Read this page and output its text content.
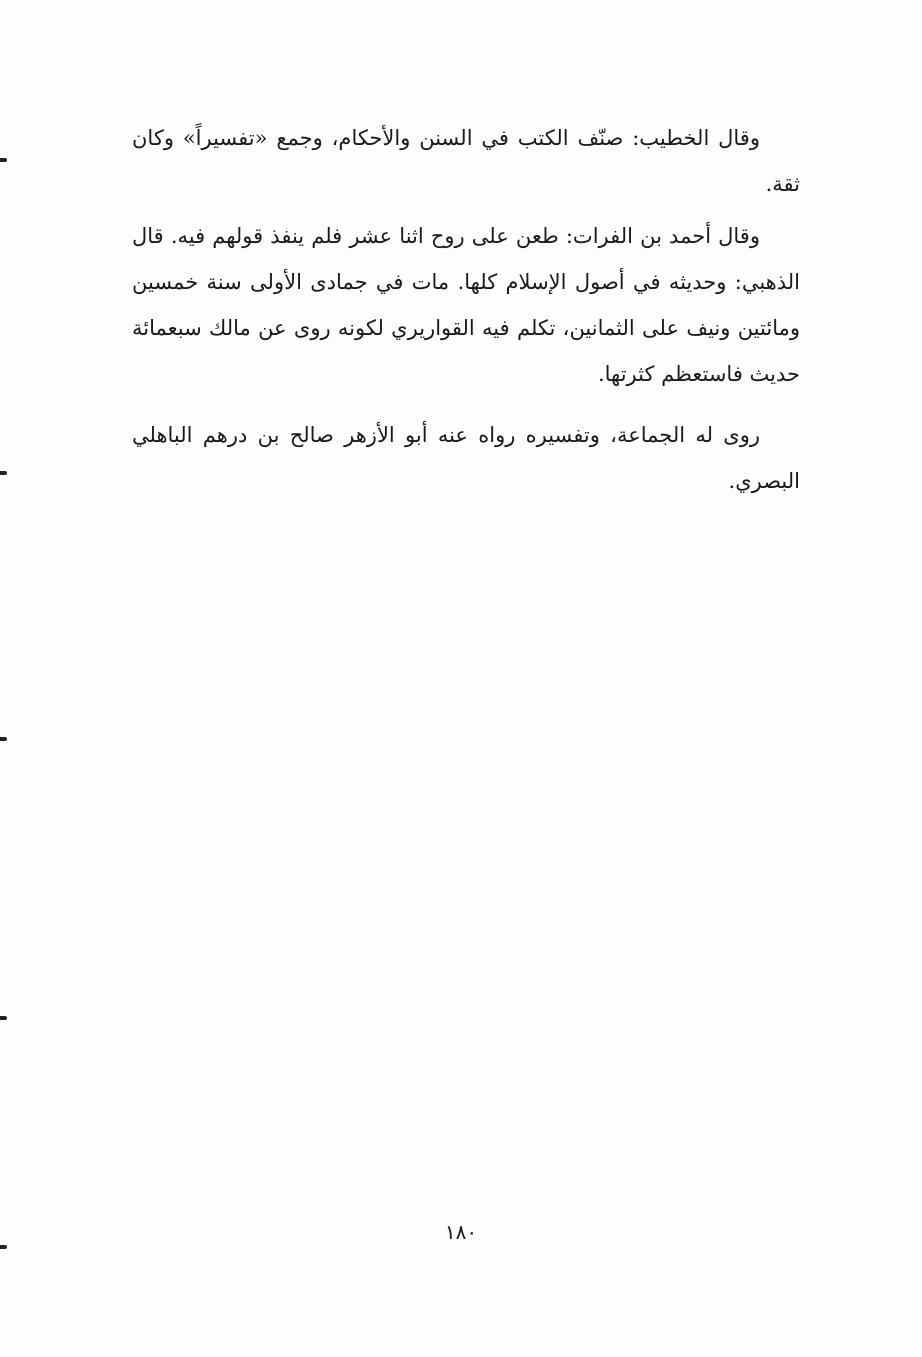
وقال الخطيب: صنّف الكتب في السنن والأحكام، وجمع «تفسيراً» وكان ثقة.

وقال أحمد بن الفرات: طعن على روح اثنا عشر فلم ينفذ قولهم فيه. قال الذهبي: وحديثه في أصول الإسلام كلها. مات في جمادى الأولى سنة خمسين ومائتين ونيف على الثمانين، تكلم فيه القواريري لكونه روى عن مالك سبعمائة حديث فاستعظم كثرتها.

روى له الجماعة، وتفسيره رواه عنه أبو الأزهر صالح بن درهم الباهلي البصري.

١٨٠
